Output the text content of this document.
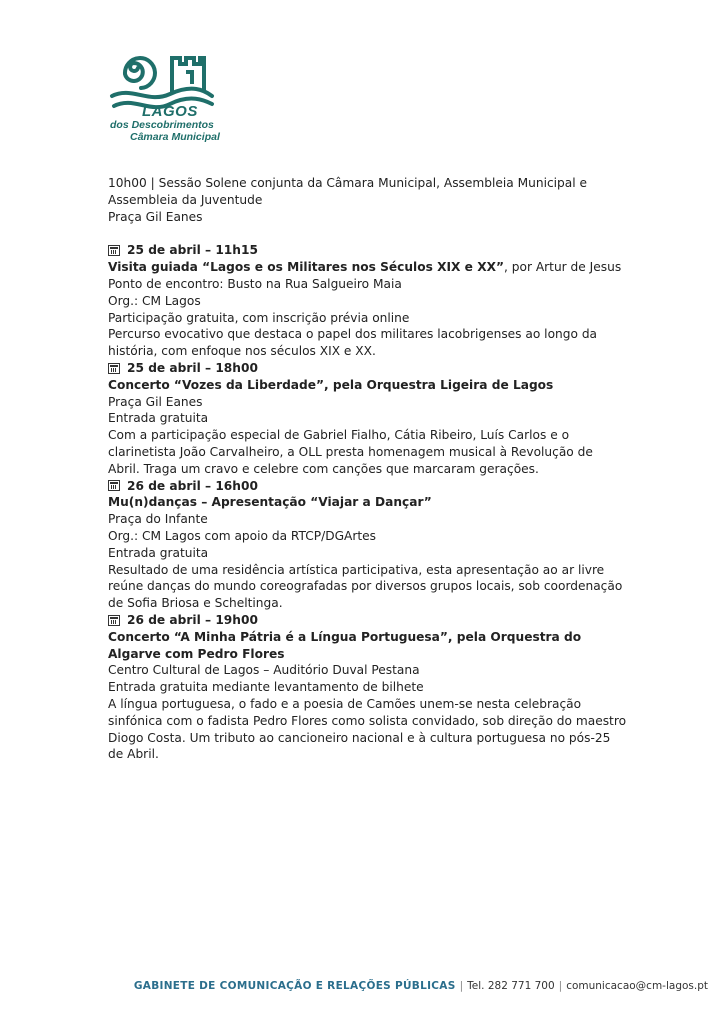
LAGOS
dos Descobrimentos
Câmara Municipal

10h00 | Sessão Solene conjunta da Câmara Municipal, Assembleia Municipal e Assembleia da Juventude

Praça Gil Eanes

25 de abril – 11h15

Visita guiada “Lagos e os Militares nos Séculos XIX e XX”, por Artur de Jesus

Ponto de encontro: Busto na Rua Salgueiro Maia

Org.: CM Lagos

Participação gratuita, com inscrição prévia online

Percurso evocativo que destaca o papel dos militares lacobrigenses ao longo da história, com enfoque nos séculos XIX e XX.

25 de abril – 18h00

Concerto “Vozes da Liberdade”, pela Orquestra Ligeira de Lagos

Praça Gil Eanes

Entrada gratuita

Com a participação especial de Gabriel Fialho, Cátia Ribeiro, Luís Carlos e o clarinetista João Carvalheiro, a OLL presta homenagem musical à Revolução de Abril. Traga um cravo e celebre com canções que marcaram gerações.

26 de abril – 16h00

Mu(n)danças – Apresentação “Viajar a Dançar”

Praça do Infante

Org.: CM Lagos com apoio da RTCP/DGArtes

Entrada gratuita

Resultado de uma residência artística participativa, esta apresentação ao ar livre reúne danças do mundo coreografadas por diversos grupos locais, sob coordenação de Sofia Briosa e Scheltinga.

26 de abril – 19h00

Concerto “A Minha Pátria é a Língua Portuguesa”, pela Orquestra do Algarve com Pedro Flores

Centro Cultural de Lagos – Auditório Duval Pestana

Entrada gratuita mediante levantamento de bilhete

A língua portuguesa, o fado e a poesia de Camões unem-se nesta celebração sinfónica com o fadista Pedro Flores como solista convidado, sob direção do maestro Diogo Costa. Um tributo ao cancioneiro nacional e à cultura portuguesa no pós-25 de Abril.

GABINETE DE COMUNICAÇÃO E RELAÇÕES PÚBLICAS | Tel. 282 771 700 | comunicacao@cm-lagos.pt
